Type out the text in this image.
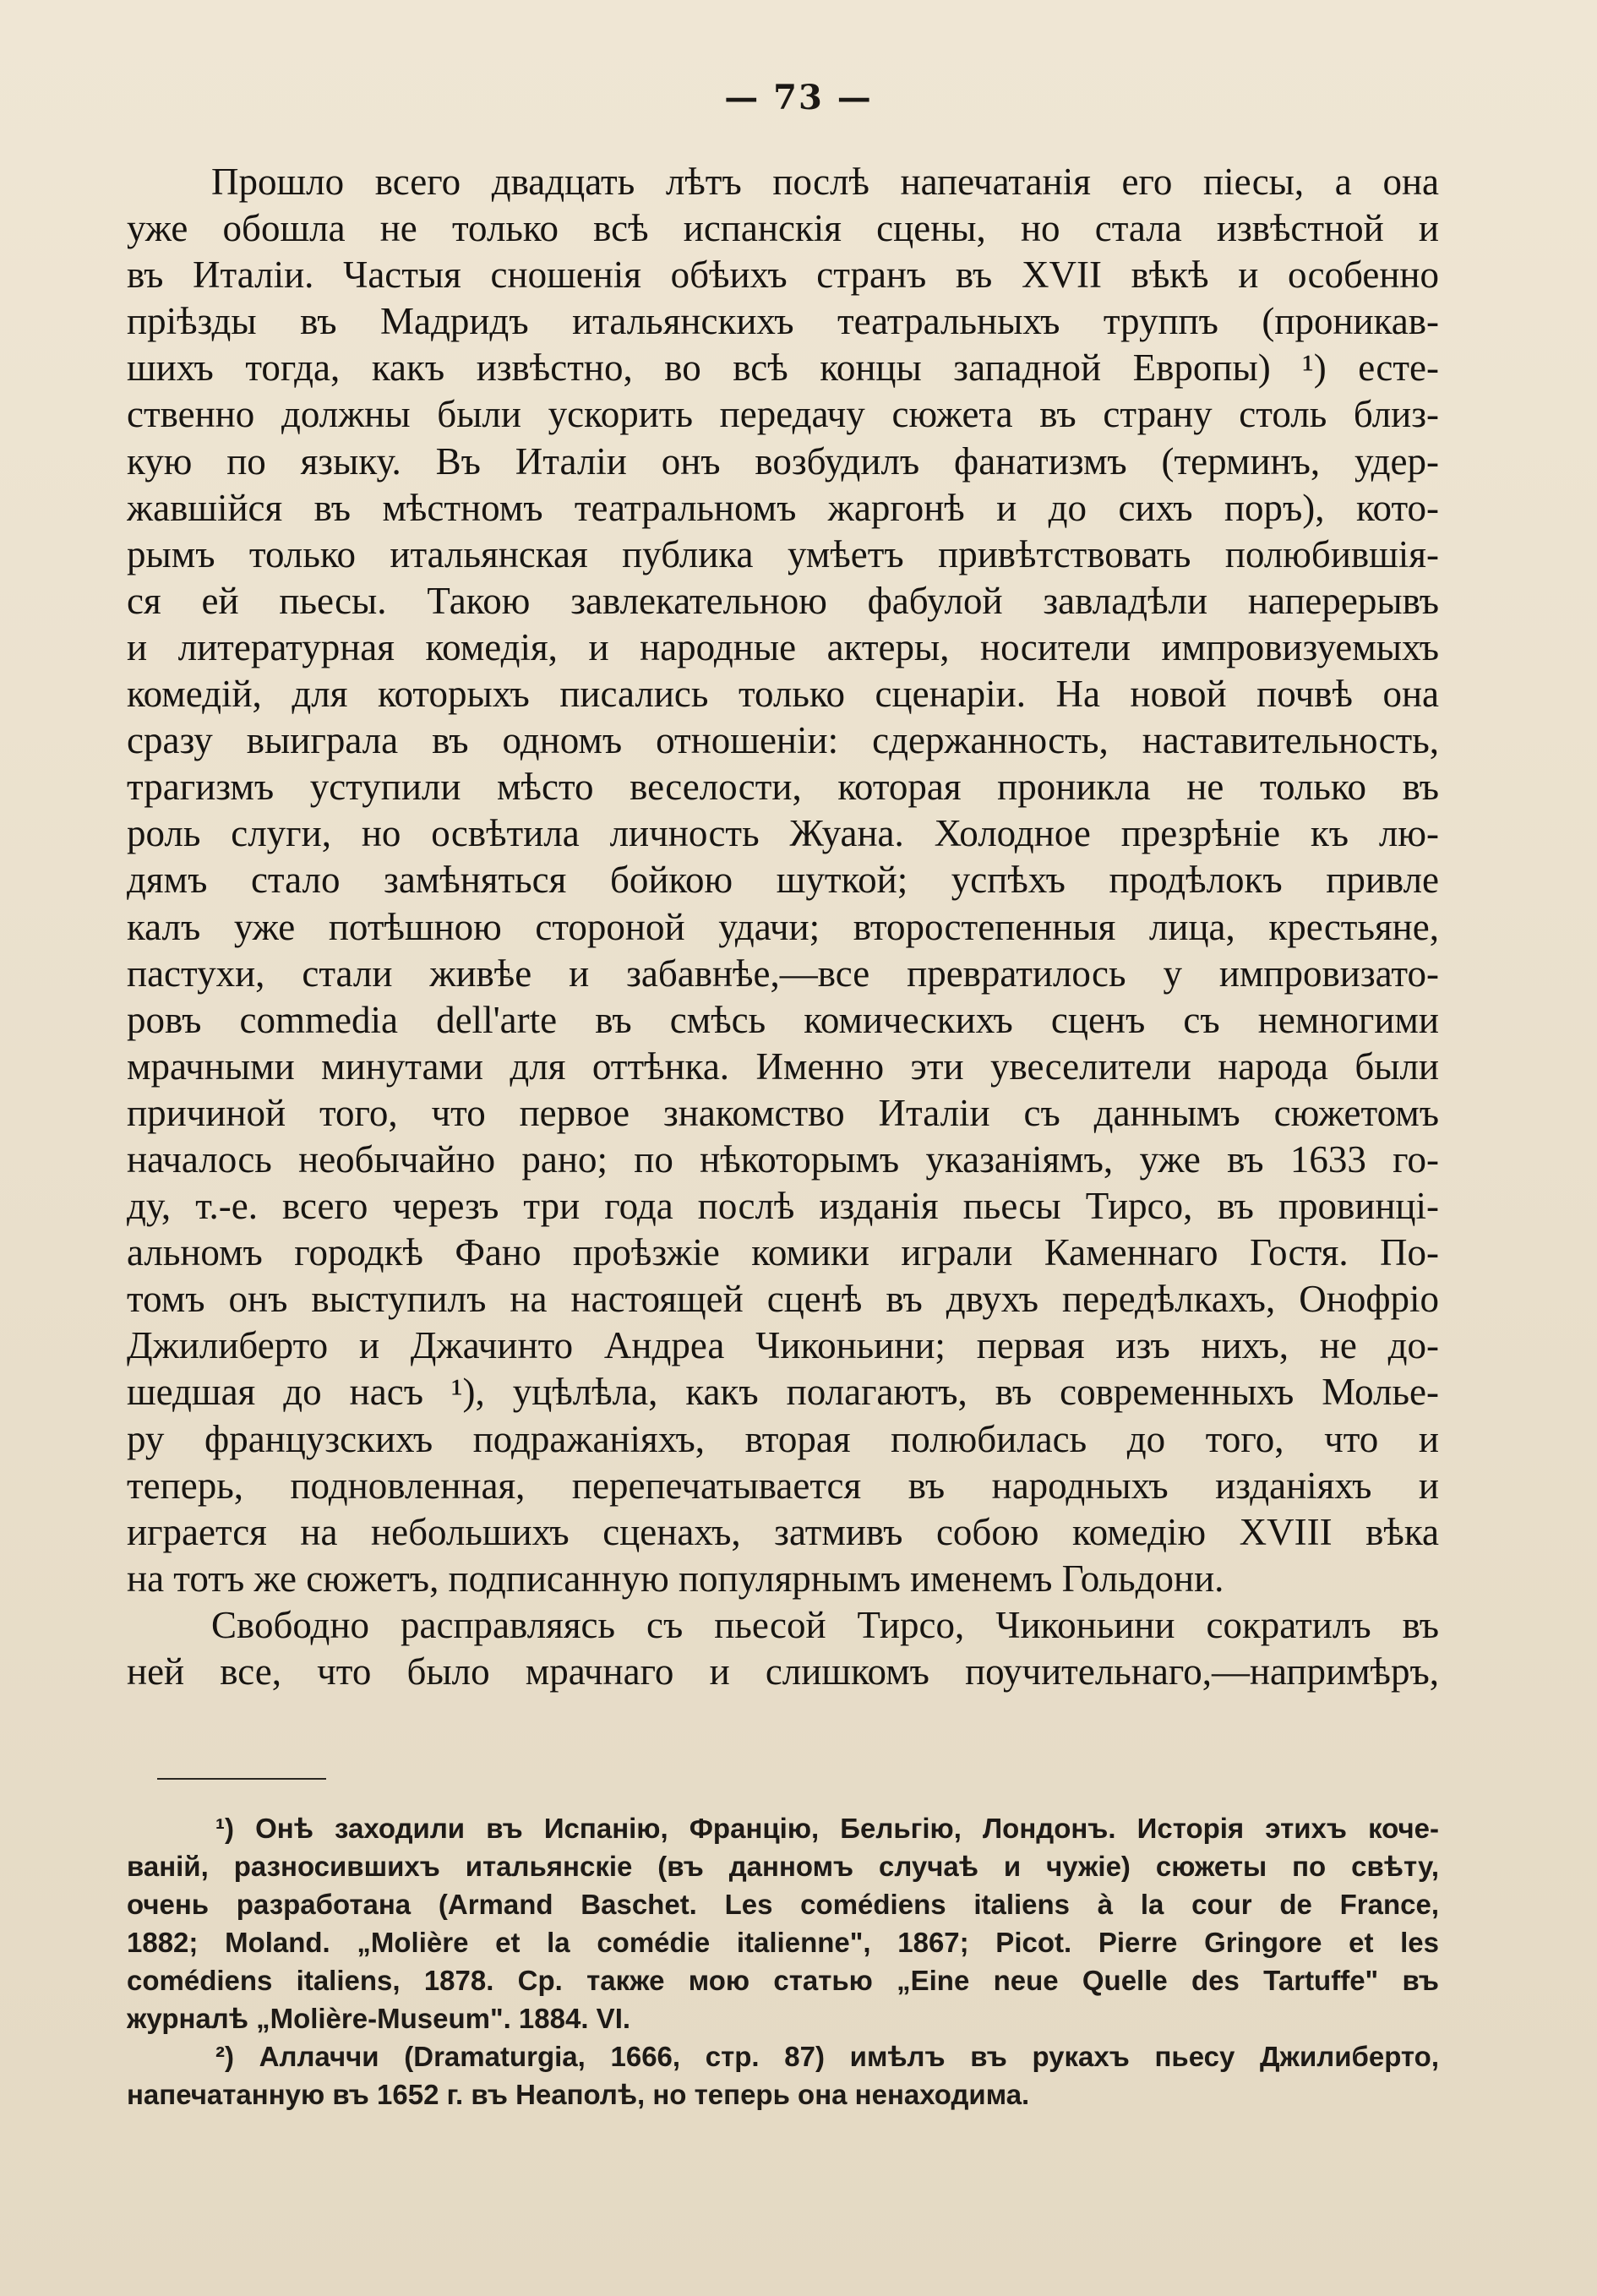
— 73 —
Прошло всего двадцать лѣтъ послѣ напечатанія его піесы, а она
уже обошла не только всѣ испанскія сцены, но стала извѣстной и
въ Италіи. Частыя сношенія обѣихъ странъ въ XVII вѣкѣ и особенно
пріѣзды въ Мадридъ итальянскихъ театральныхъ труппъ (проникав-
шихъ тогда, какъ извѣстно, во всѣ концы западной Европы) ¹) есте-
ственно должны были ускорить передачу сюжета въ страну столь близ-
кую по языку. Въ Италіи онъ возбудилъ фанатизмъ (терминъ, удер-
жавшійся въ мѣстномъ театральномъ жаргонѣ и до сихъ поръ), кото-
рымъ только итальянская публика умѣетъ привѣтствовать полюбившія-
ся ей пьесы. Такою завлекательною фабулой завладѣли наперерывъ
и литературная комедія, и народные актеры, носители импровизуемыхъ
комедій, для которыхъ писались только сценаріи. На новой почвѣ она
сразу выиграла въ одномъ отношеніи: сдержанность, наставительность,
трагизмъ уступили мѣсто веселости, которая проникла не только въ
роль слуги, но освѣтила личность Жуана. Холодное презрѣніе къ лю-
дямъ стало замѣняться бойкою шуткой; успѣхъ продѣлокъ привле
калъ уже потѣшною стороной удачи; второстепенныя лица, крестьяне,
пастухи, стали живѣе и забавнѣе,—все превратилось у импровизато-
ровъ commedia dell'arte въ смѣсь комическихъ сценъ съ немногими
мрачными минутами для оттѣнка. Именно эти увеселители народа были
причиной того, что первое знакомство Италіи съ даннымъ сюжетомъ
началось необычайно рано; по нѣкоторымъ указаніямъ, уже въ 1633 го-
ду, т.-е. всего черезъ три года послѣ изданія пьесы Тирсо, въ провинці-
альномъ городкѣ Фано проѣзжіе комики играли Каменнаго Гостя. По-
томъ онъ выступилъ на настоящей сценѣ въ двухъ передѣлкахъ, Онофріо
Джилиберто и Джачинто Андреа Чиконьини; первая изъ нихъ, не до-
шедшая до насъ ¹), уцѣлѣла, какъ полагаютъ, въ современныхъ Молье-
ру французскихъ подражаніяхъ, вторая полюбилась до того, что и
теперь, подновленная, перепечатывается въ народныхъ изданіяхъ и
играется на небольшихъ сценахъ, затмивъ собою комедію XVIII вѣка
на тотъ же сюжетъ, подписанную популярнымъ именемъ Гольдони.
Свободно расправляясь съ пьесой Тирсо, Чиконьини сократилъ въ
ней все, что было мрачнаго и слишкомъ поучительнаго,—напримѣръ,
¹) Онѣ заходили въ Испанію, Францію, Бельгію, Лондонъ. Исторія этихъ коче-
ваній, разносившихъ итальянскіе (въ данномъ случаѣ и чужіе) сюжеты по свѣту,
очень разработана (Armand Baschet. Les comédiens italiens à la cour de France,
1882; Moland. „Molière et la comédie italienne", 1867; Picot. Pierre Gringore et les
comédiens italiens, 1878. Ср. также мою статью „Eine neue Quelle des Tartuffe" въ
журналѣ „Molière-Museum". 1884. VI.
²) Аллаччи (Dramaturgia, 1666, стр. 87) имѣлъ въ рукахъ пьесу Джилиберто,
напечатанную въ 1652 г. въ Неаполѣ, но теперь она ненаходима.
